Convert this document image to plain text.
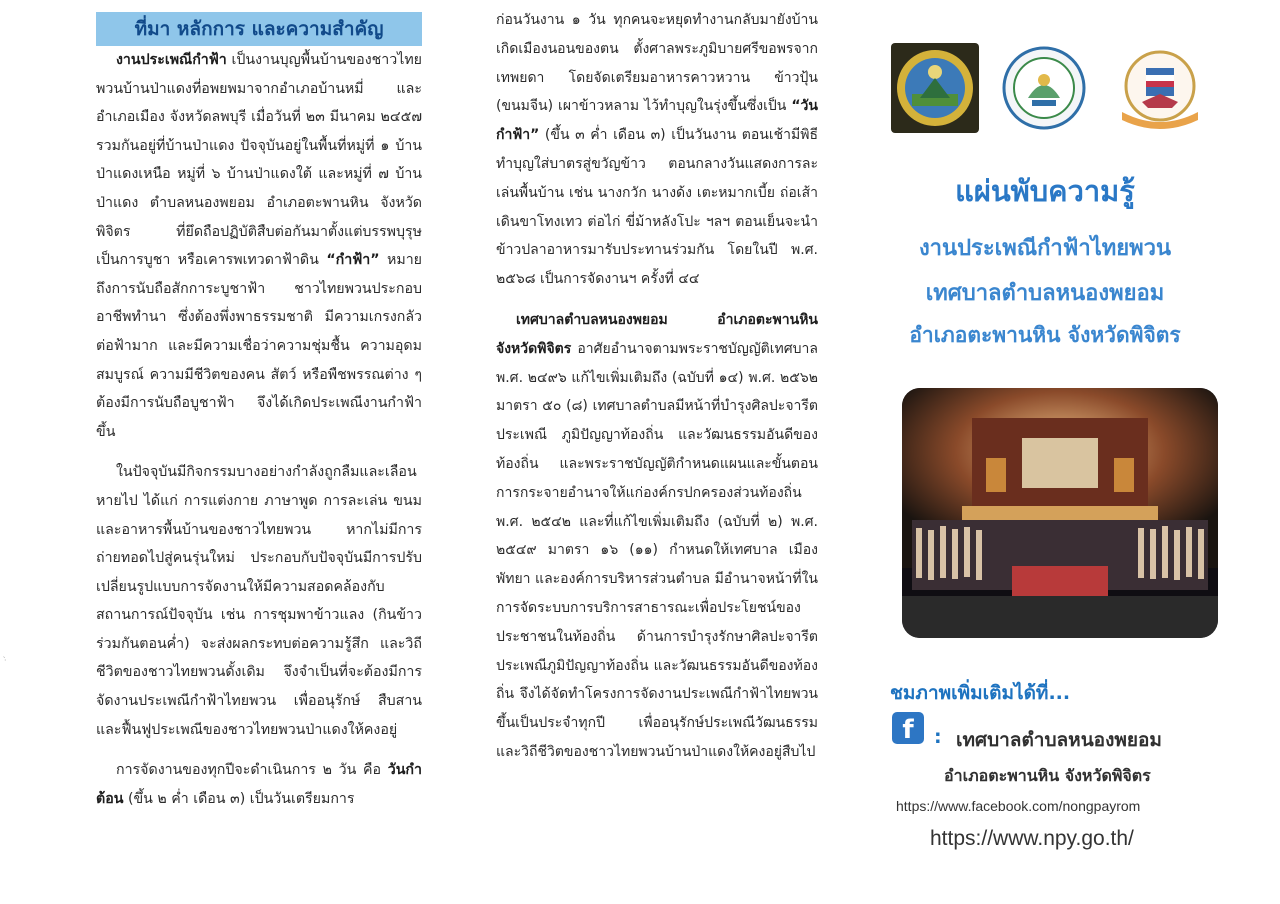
ที่มา หลักการ และความสำคัญ

งานประเพณีกำฟ้า เป็นงานบุญพื้นบ้านของชาวไทยพวนบ้านป่าแดงที่อพยพมาจากอำเภอบ้านหมี่ และอำเภอเมือง จังหวัดลพบุรี เมื่อวันที่ ๒๓ มีนาคม ๒๔๕๗ รวมกันอยู่ที่บ้านป่าแดง ปัจจุบันอยู่ในพื้นที่หมู่ที่ ๑ บ้านป่าแดงเหนือ หมู่ที่ ๖ บ้านป่าแดงใต้ และหมู่ที่ ๗ บ้านป่าแดง ตำบลหนองพยอม อำเภอตะพานหิน จังหวัดพิจิตร ที่ยึดถือปฏิบัติสืบต่อกันมาตั้งแต่บรรพบุรุษ เป็นการบูชา หรือเคารพเทวดาฟ้าดิน “กำฟ้า” หมายถึงการนับถือสักการะบูชาฟ้า ชาวไทยพวนประกอบอาชีพทำนา ซึ่งต้องพึ่งพาธรรมชาติ มีความเกรงกลัวต่อฟ้ามาก และมีความเชื่อว่าความชุ่มชื้น ความอุดมสมบูรณ์ ความมีชีวิตของคน สัตว์ หรือพืชพรรณต่าง ๆ ต้องมีการนับถือบูชาฟ้า จึงได้เกิดประเพณีงานกำฟ้าขึ้น

ในปัจจุบันมีกิจกรรมบางอย่างกำลังถูกลืมและเลือนหายไป ได้แก่ การแต่งกาย ภาษาพูด การละเล่น ขนมและอาหารพื้นบ้านของชาวไทยพวน หากไม่มีการถ่ายทอดไปสู่คนรุ่นใหม่ ประกอบกับปัจจุบันมีการปรับเปลี่ยนรูปแบบการจัดงานให้มีความสอดคล้องกับสถานการณ์ปัจจุบัน เช่น การชุมพาข้าวแลง (กินข้าวร่วมกันตอนค่ำ) จะส่งผลกระทบต่อความรู้สึก และวิถีชีวิตของชาวไทยพวนดั้งเดิม จึงจำเป็นที่จะต้องมีการจัดงานประเพณีกำฟ้าไทยพวน เพื่ออนุรักษ์ สืบสาน และฟื้นฟูประเพณีของชาวไทยพวนป่าแดงให้คงอยู่

การจัดงานของทุกปีจะดำเนินการ ๒ วัน คือ วันกำต้อน (ขึ้น ๒ ค่ำ เดือน ๓) เป็นวันเตรียมการ

·̀

ก่อนวันงาน ๑ วัน ทุกคนจะหยุดทำงานกลับมายังบ้านเกิดเมืองนอนของตน ตั้งศาลพระภูมิบายศรีขอพรจากเทพยดา โดยจัดเตรียมอาหารคาวหวาน ข้าวปุ้น (ขนมจีน) เผาข้าวหลาม ไว้ทำบุญในรุ่งขึ้นซึ่งเป็น “วันกำฟ้า” (ขึ้น ๓ ค่ำ เดือน ๓) เป็นวันงาน ตอนเช้ามีพิธีทำบุญใส่บาตรสู่ขวัญข้าว ตอนกลางวันแสดงการละเล่นพื้นบ้าน เช่น นางกวัก นางด้ง เตะหมากเบี้ย ถ่อเส้า เดินขาโทงเทว ต่อไก่ ขี่ม้าหลังโปะ ฯลฯ ตอนเย็นจะนำข้าวปลาอาหารมารับประทานร่วมกัน โดยในปี พ.ศ. ๒๕๖๘ เป็นการจัดงานฯ ครั้งที่ ๔๔

เทศบาลตำบลหนองพยอม อำเภอตะพานหิน จังหวัดพิจิตร อาศัยอำนาจตามพระราชบัญญัติเทศบาล พ.ศ. ๒๔๙๖ แก้ไขเพิ่มเติมถึง (ฉบับที่ ๑๔) พ.ศ. ๒๕๖๒ มาตรา ๕๐ (๘) เทศบาลตำบลมีหน้าที่บำรุงศิลปะจารีตประเพณี ภูมิปัญญาท้องถิ่น และวัฒนธรรมอันดีของท้องถิ่น และพระราชบัญญัติกำหนดแผนและขั้นตอนการกระจายอำนาจให้แก่องค์กรปกครองส่วนท้องถิ่น พ.ศ. ๒๕๔๒ และที่แก้ไขเพิ่มเติมถึง (ฉบับที่ ๒) พ.ศ. ๒๕๔๙ มาตรา ๑๖ (๑๑) กำหนดให้เทศบาล เมืองพัทยา และองค์การบริหารส่วนตำบล มีอำนาจหน้าที่ในการจัดระบบการบริการสาธารณะเพื่อประโยชน์ของประชาชนในท้องถิ่น ด้านการบำรุงรักษาศิลปะจารีตประเพณีภูมิปัญญาท้องถิ่น และวัฒนธรรมอันดีของท้องถิ่น จึงได้จัดทำโครงการจัดงานประเพณีกำฟ้าไทยพวนขึ้นเป็นประจำทุกปี เพื่ออนุรักษ์ประเพณีวัฒนธรรม และวิถีชีวิตของชาวไทยพวนบ้านป่าแดงให้คงอยู่สืบไป

แผ่นพับความรู้
งานประเพณีกำฟ้าไทยพวน
เทศบาลตำบลหนองพยอม
อำเภอตะพานหิน จังหวัดพิจิตร
ชมภาพเพิ่มเติมได้ที่...
f	: เทศบาลตำบลหนองพยอม
อำเภอตะพานหิน จังหวัดพิจิตร
https://www.facebook.com/nongpayrom
https://www.npy.go.th/
